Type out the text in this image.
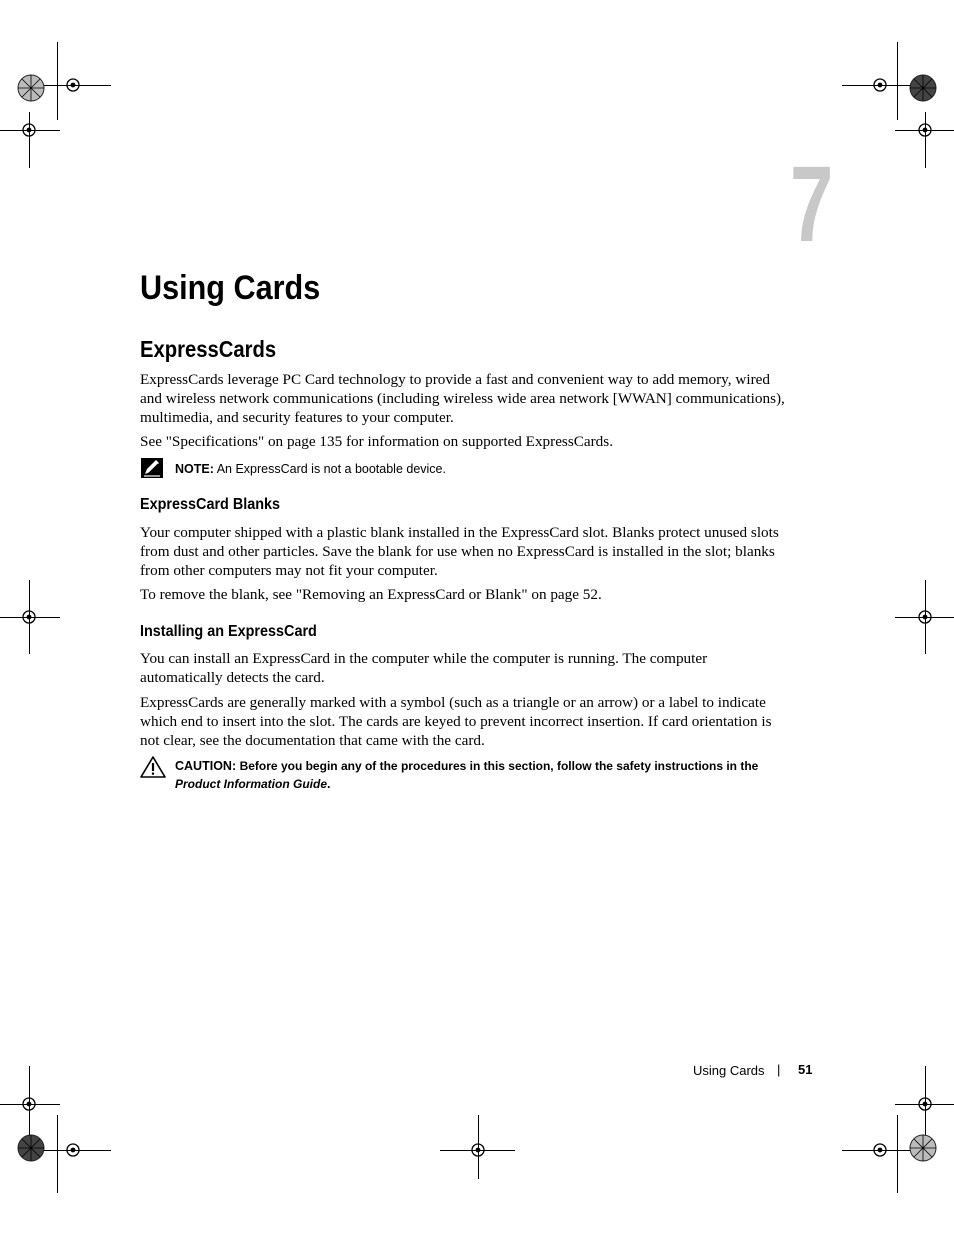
7
Using Cards
ExpressCards

ExpressCards leverage PC Card technology to provide a fast and convenient way to add memory, wired and wireless network communications (including wireless wide area network [WWAN] communications), multimedia, and security features to your computer.

See "Specifications" on page 135 for information on supported ExpressCards.

NOTE: An ExpressCard is not a bootable device.
ExpressCard Blanks

Your computer shipped with a plastic blank installed in the ExpressCard slot. Blanks protect unused slots from dust and other particles. Save the blank for use when no ExpressCard is installed in the slot; blanks from other computers may not fit your computer.

To remove the blank, see "Removing an ExpressCard or Blank" on page 52.

Installing an ExpressCard

You can install an ExpressCard in the computer while the computer is running. The computer automatically detects the card.

ExpressCards are generally marked with a symbol (such as a triangle or an arrow) or a label to indicate which end to insert into the slot. The cards are keyed to prevent incorrect insertion. If card orientation is not clear, see the documentation that came with the card.

CAUTION: Before you begin any of the procedures in this section, follow the safety instructions in the Product Information Guide.
Using Cards | 51
